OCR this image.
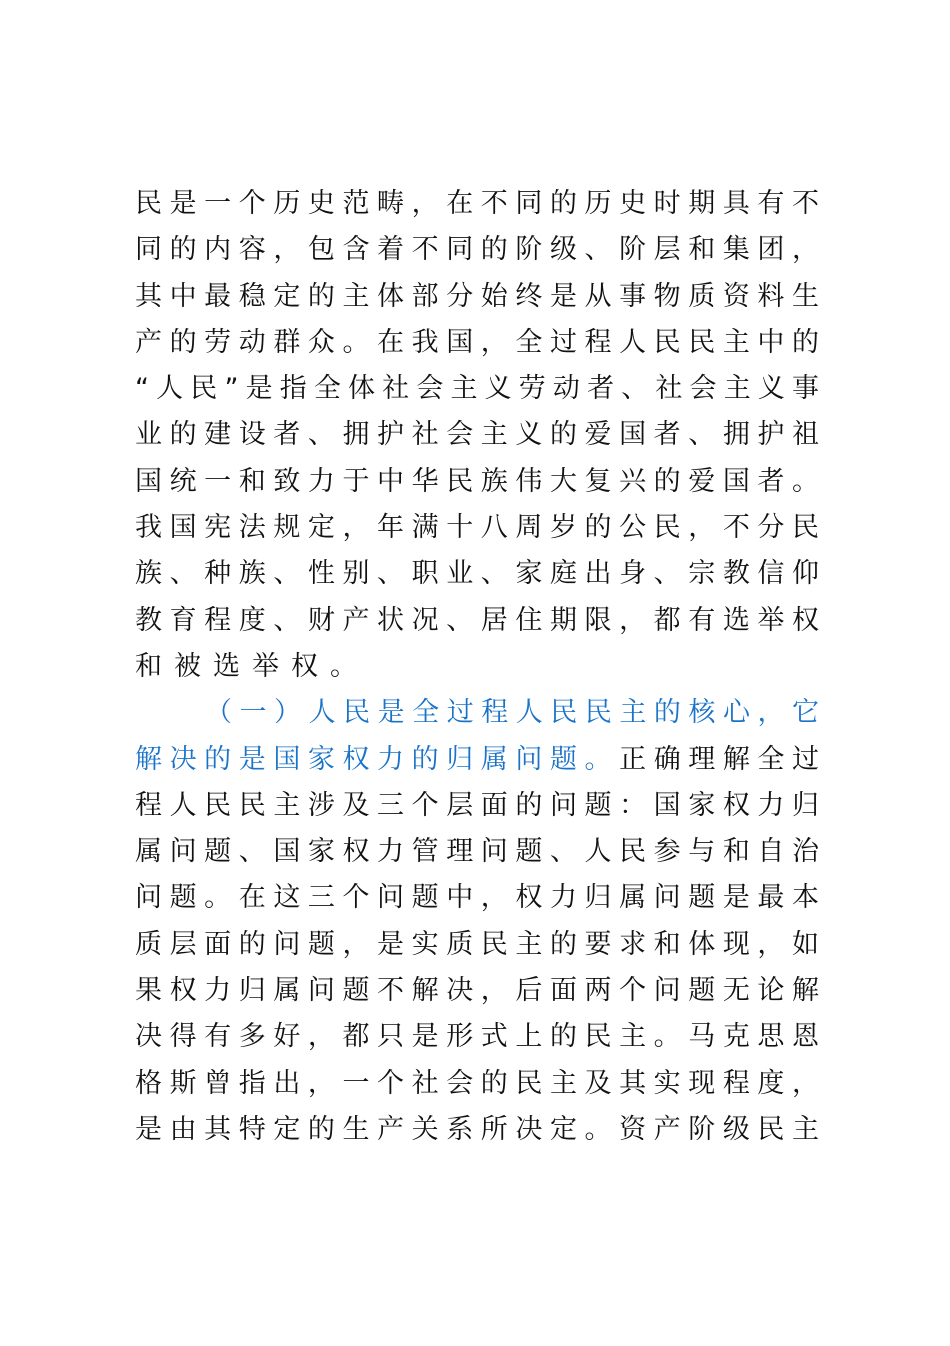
民是一个历史范畴，在不同的历史时期具有不
同的内容，包含着不同的阶级、阶层和集团，
其中最稳定的主体部分始终是从事物质资料生
产的劳动群众。在我国，全过程人民民主中的
“人民”是指全体社会主义劳动者、社会主义事
业的建设者、拥护社会主义的爱国者、拥护祖
国统一和致力于中华民族伟大复兴的爱国者。
我国宪法规定，年满十八周岁的公民，不分民
族、种族、性别、职业、家庭出身、宗教信仰
教育程度、财产状况、居住期限，都有选举权
和被选举权。
（一）人民是全过程人民民主的核心，它
解决的是国家权力的归属问题。正确理解全过
程人民民主涉及三个层面的问题：国家权力归
属问题、国家权力管理问题、人民参与和自治
问题。在这三个问题中，权力归属问题是最本
质层面的问题，是实质民主的要求和体现，如
果权力归属问题不解决，后面两个问题无论解
决得有多好，都只是形式上的民主。马克思恩
格斯曾指出，一个社会的民主及其实现程度，
是由其特定的生产关系所决定。资产阶级民主
